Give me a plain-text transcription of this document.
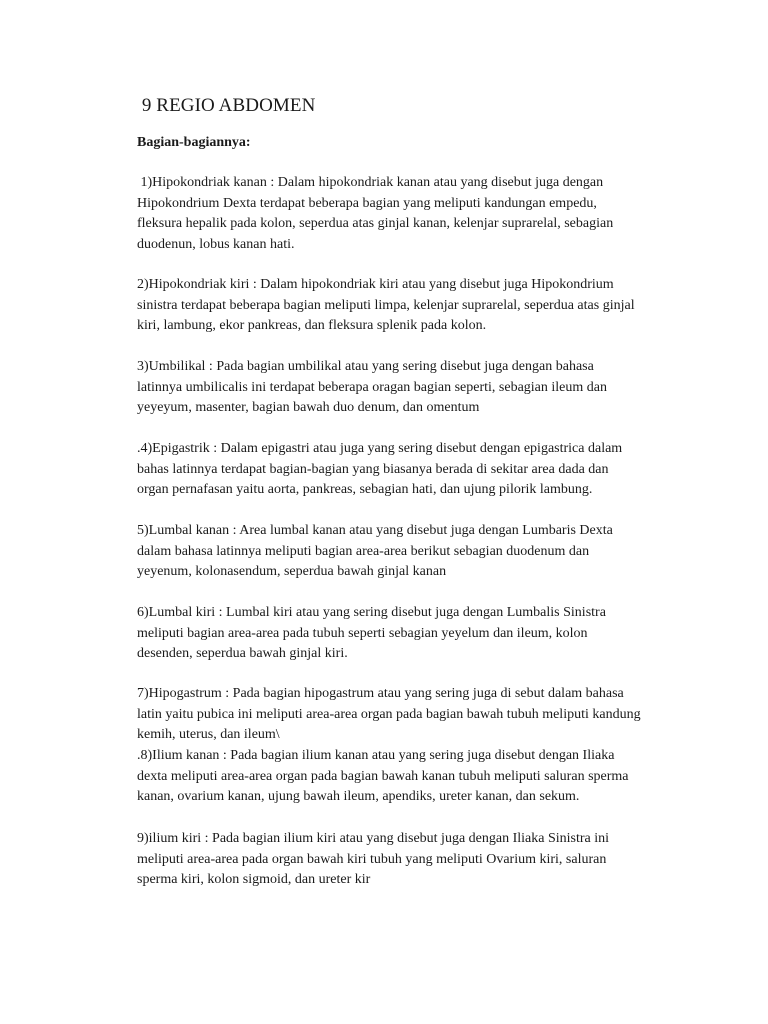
9 REGIO ABDOMEN
Bagian-bagiannya:

1)Hipokondriak kanan : Dalam hipokondriak kanan atau yang disebut juga dengan
Hipokondrium Dexta terdapat beberapa bagian yang meliputi kandungan empedu,
fleksura hepalik pada kolon, seperdua atas ginjal kanan, kelenjar suprarelal, sebagian
duodenun, lobus kanan hati.

2)Hipokondriak kiri : Dalam hipokondriak kiri atau yang disebut juga Hipokondrium
sinistra terdapat beberapa bagian meliputi limpa, kelenjar suprarelal, seperdua atas ginjal
kiri, lambung, ekor pankreas, dan fleksura splenik pada kolon.

3)Umbilikal : Pada bagian umbilikal atau yang sering disebut juga dengan bahasa
latinnya umbilicalis ini terdapat beberapa oragan bagian seperti, sebagian ileum dan
yeyeyum, masenter, bagian bawah duo denum, dan omentum

.4)Epigastrik : Dalam epigastri atau juga yang sering disebut dengan epigastrica dalam
bahas latinnya terdapat bagian-bagian yang biasanya berada di sekitar area dada dan
organ pernafasan yaitu aorta, pankreas, sebagian hati, dan ujung pilorik lambung.

5)Lumbal kanan : Area lumbal kanan atau yang disebut juga dengan Lumbaris Dexta
dalam bahasa latinnya meliputi bagian area-area berikut sebagian duodenum dan
yeyenum, kolonasendum, seperdua bawah ginjal kanan

6)Lumbal kiri : Lumbal kiri atau yang sering disebut juga dengan Lumbalis Sinistra
meliputi bagian area-area pada tubuh seperti sebagian yeyelum dan ileum, kolon
desenden, seperdua bawah ginjal kiri.

7)Hipogastrum : Pada bagian hipogastrum atau yang sering juga di sebut dalam bahasa
latin yaitu pubica ini meliputi area-area organ pada bagian bawah tubuh meliputi kandung
kemih, uterus, dan ileum\
.8)Ilium kanan : Pada bagian ilium kanan atau yang sering juga disebut dengan Iliaka
dexta meliputi area-area organ pada bagian bawah kanan tubuh meliputi saluran sperma
kanan, ovarium kanan, ujung bawah ileum, apendiks, ureter kanan, dan sekum.

9)ilium kiri : Pada bagian ilium kiri atau yang disebut juga dengan Iliaka Sinistra ini
meliputi area-area pada organ bawah kiri tubuh yang meliputi Ovarium kiri, saluran
sperma kiri, kolon sigmoid, dan ureter kir
